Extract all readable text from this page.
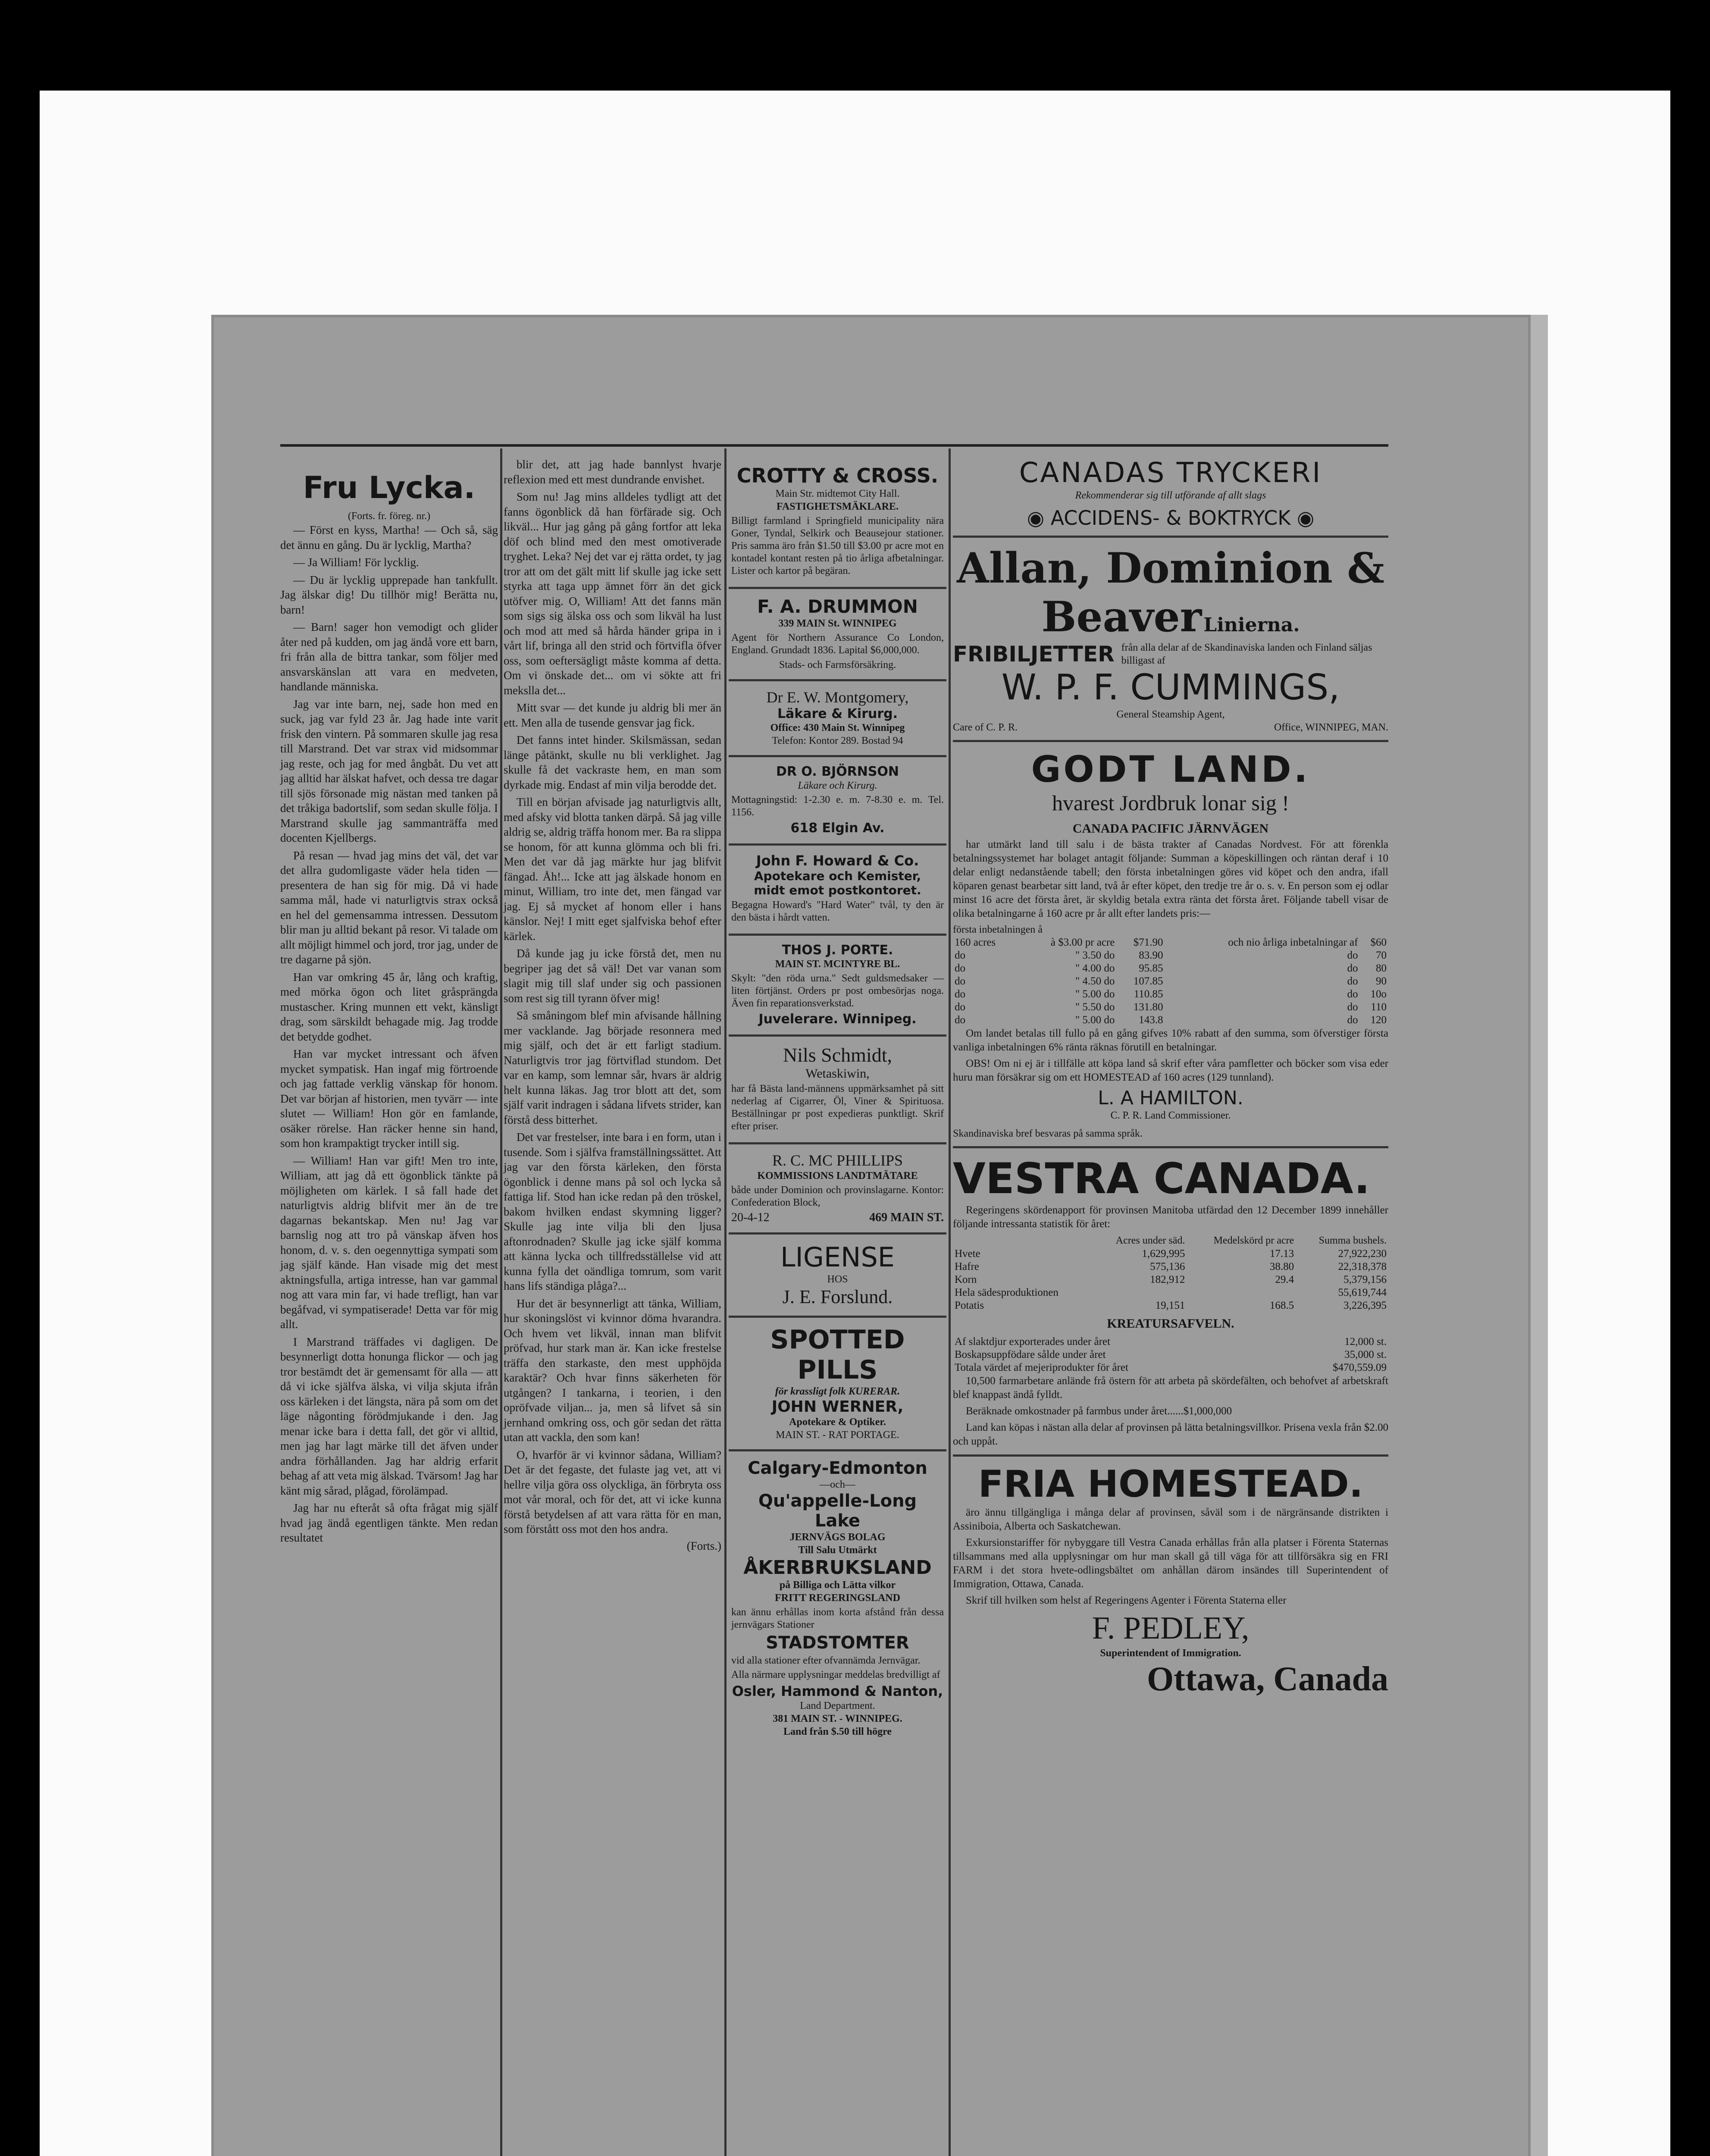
Fru Lycka.
(Forts. fr. föreg. nr.)

— Först en kyss, Martha! — Och så, säg det ännu en gång. Du är lycklig, Martha?

— Ja William! För lycklig.

— Du är lycklig upprepade han tankfullt. Jag älskar dig! Du tillhör mig! Berätta nu, barn!

— Barn! sager hon vemodigt och glider åter ned på kudden, om jag ändå vore ett barn, fri från alla de bittra tankar, som följer med ansvarskänslan att vara en medveten, handlande människa.

Jag var inte barn, nej, sade hon med en suck, jag var fyld 23 år. Jag hade inte varit frisk den vintern. På sommaren skulle jag resa till Marstrand. Det var strax vid midsommar jag reste, och jag for med ångbåt. Du vet att jag alltid har älskat hafvet, och dessa tre dagar till sjös försonade mig nästan med tanken på det tråkiga badortslif, som sedan skulle följa. I Marstrand skulle jag sammanträffa med docenten Kjellbergs.

På resan — hvad jag mins det väl, det var det allra gudomligaste väder hela tiden — presentera de han sig för mig. Då vi hade samma mål, hade vi naturligtvis strax också en hel del gemensamma intressen. Dessutom blir man ju alltid bekant på resor. Vi talade om allt möjligt himmel och jord, tror jag, under de tre dagarne på sjön.

Han var omkring 45 år, lång och kraftig, med mörka ögon och litet gråsprängda mustascher. Kring munnen ett vekt, känsligt drag, som särskildt behagade mig. Jag trodde det betydde godhet.

Han var mycket intressant och äfven mycket sympatisk. Han ingaf mig förtroende och jag fattade verklig vänskap för honom. Det var början af historien, men tyvärr — inte slutet — William! Hon gör en famlande, osäker rörelse. Han räcker henne sin hand, som hon krampaktigt trycker intill sig.

— William! Han var gift! Men tro inte, William, att jag då ett ögonblick tänkte på möjligheten om kärlek. I så fall hade det naturligtvis aldrig blifvit mer än de tre dagarnas bekantskap. Men nu! Jag var barnslig nog att tro på vänskap äfven hos honom, d. v. s. den oegennyttiga sympati som jag själf kände. Han visade mig det mest aktningsfulla, artiga intresse, han var gammal nog att vara min far, vi hade trefligt, han var begåfvad, vi sympatiserade! Detta var för mig allt.

I Marstrand träffades vi dagligen. De besynnerligt dotta honunga flickor — och jag tror bestämdt det är gemensamt för alla — att då vi icke själfva älska, vi vilja skjuta ifrån oss kärleken i det längsta, nära på som om det läge någonting förödmjukande i den. Jag menar icke bara i detta fall, det gör vi alltid, men jag har lagt märke till det äfven under andra förhållanden. Jag har aldrig erfarit behag af att veta mig älskad. Tvärsom! Jag har känt mig sårad, plågad, förolämpad.

Jag har nu efteråt så ofta frågat mig själf hvad jag ändå egentligen tänkte. Men redan resultatet

blir det, att jag hade bannlyst hvarje reflexion med ett mest dundrande envishet.

Som nu! Jag mins alldeles tydligt att det fanns ögonblick då han förfärade sig. Och likväl... Hur jag gång på gång fortfor att leka döf och blind med den mest omotiverade tryghet. Leka? Nej det var ej rätta ordet, ty jag tror att om det gält mitt lif skulle jag icke sett styrka att taga upp ämnet förr än det gick utöfver mig. O, William! Att det fanns män som sigs sig älska oss och som likväl ha lust och mod att med så hårda händer gripa in i vårt lif, bringa all den strid och förtvifla öfver oss, som oeftersägligt måste komma af detta. Om vi önskade det... om vi sökte att fri mekslla det...

Mitt svar — det kunde ju aldrig bli mer än ett. Men alla de tusende gensvar jag fick.

Det fanns intet hinder. Skilsmässan, sedan länge påtänkt, skulle nu bli verklighet. Jag skulle få det vackraste hem, en man som dyrkade mig. Endast af min vilja berodde det.

Till en början afvisade jag naturligtvis allt, med afsky vid blotta tanken därpå. Så jag ville aldrig se, aldrig träffa honom mer. Ba ra slippa se honom, för att kunna glömma och bli fri. Men det var då jag märkte hur jag blifvit fängad. Åh!... Icke att jag älskade honom en minut, William, tro inte det, men fängad var jag. Ej så mycket af honom eller i hans känslor. Nej! I mitt eget sjalfviska behof efter kärlek.

Då kunde jag ju icke förstå det, men nu begriper jag det så väl! Det var vanan som slagit mig till slaf under sig och passionen som rest sig till tyrann öfver mig!

Så småningom blef min afvisande hållning mer vacklande. Jag började resonnera med mig själf, och det är ett farligt stadium. Naturligtvis tror jag förtviflad stundom. Det var en kamp, som lemnar sår, hvars är aldrig helt kunna läkas. Jag tror blott att det, som själf varit indragen i sådana lifvets strider, kan förstå dess bitterhet.

Det var frestelser, inte bara i en form, utan i tusende. Som i själfva framställningssättet. Att jag var den första kärleken, den första ögonblick i denne mans på sol och lycka så fattiga lif. Stod han icke redan på den tröskel, bakom hvilken endast skymning ligger? Skulle jag inte vilja bli den ljusa aftonrodnaden? Skulle jag icke själf komma att känna lycka och tillfredsställelse vid att kunna fylla det oändliga tomrum, som varit hans lifs ständiga plåga?...

Hur det är besynnerligt att tänka, William, hur skoningslöst vi kvinnor döma hvarandra. Och hvem vet likväl, innan man blifvit pröfvad, hur stark man är. Kan icke frestelse träffa den starkaste, den mest upphöjda karaktär? Och hvar finns säkerheten för utgången? I tankarna, i teorien, i den opröfvade viljan... ja, men så lifvet så sin jernhand omkring oss, och gör sedan det rätta utan att vackla, den som kan!

O, hvarför är vi kvinnor sådana, William? Det är det fegaste, det fulaste jag vet, att vi hellre vilja göra oss olyckliga, än förbryta oss mot vår moral, och för det, att vi icke kunna förstå betydelsen af att vara rätta för en man, som förstått oss mot den hos andra.

(Forts.)
CROTTY & CROSS.
Main Str. midtemot City Hall.
FASTIGHETSMÄKLARE.

Billigt farmland i Springfield municipality nära Goner, Tyndal, Selkirk och Beausejour stationer. Pris samma äro från $1.50 till $3.00 pr acre mot en kontadel kontant resten på tio årliga afbetalningar. Lister och kartor på begäran.

F. A. DRUMMON
339 MAIN St. WINNIPEG

Agent för Northern Assurance Co London, England. Grundadt 1836. Lapital $6,000,000.

Stads- och Farmsförsäkring.
Dr E. W. Montgomery,
Läkare & Kirurg.
Office: 430 Main St. Winnipeg
Telefon: Kontor 289. Bostad 94
DR O. BJÖRNSON
Läkare och Kirurg.

Mottagningstid: 1-2.30 e. m. 7-8.30 e. m. Tel. 1156.

618 Elgin Av.
John F. Howard & Co.
Apotekare och Kemister,
midt emot postkontoret.

Begagna Howard's "Hard Water" tvål, ty den är den bästa i hårdt vatten.

THOS J. PORTE.
MAIN ST. MCINTYRE BL.

Skylt: "den röda urna." Sedt guldsmedsaker — liten förtjänst. Orders pr post ombesörjas noga. Även fin reparationsverkstad.

Juvelerare. Winnipeg.
Nils Schmidt,
Wetaskiwin,

har få Bästa land-männens uppmärksamhet på sitt nederlag af Cigarrer, Öl, Viner & Spirituosa. Beställningar pr post expedieras punktligt. Skrif efter priser.

R. C. MC PHILLIPS
KOMMISSIONS LANDTMÄTARE

både under Dominion och provinslagarne. Kontor: Confederation Block,

20-4-12	469 MAIN ST.
LIGENSE
HOS
J. E. Forslund.
SPOTTED PILLS
för krassligt folk KURERAR.
JOHN WERNER,
Apotekare & Optiker.
MAIN ST. - RAT PORTAGE.
Calgary-Edmonton
—och—
Qu'appelle-Long
Lake
JERNVÄGS BOLAG
Till Salu Utmärkt
ÅKERBRUKSLAND
på Billiga och Lätta vilkor
FRITT REGERINGSLAND

kan ännu erhållas inom korta afstånd från dessa jernvägars Stationer

STADSTOMTER

vid alla stationer efter ofvannämda Jernvägar.

Alla närmare upplysningar meddelas bredvilligt af

Osler, Hammond & Nanton,
Land Department.
381 MAIN ST. - WINNIPEG.
Land från $.50 till högre
CANADAS TRYCKERI
Rekommenderar sig till utförande af allt slags
◉ ACCIDENS- & BOKTRYCK ◉
Allan, Dominion &
Beaver Linierna.
FRIBILJETTER från alla delar af de Skandinaviska landen och Finland säljas billigast af
W. P. F. CUMMINGS,
General Steamship Agent,
Care of C. P. R.	Office, WINNIPEG, MAN.
GODT LAND.
hvarest Jordbruk lonar sig !
CANADA PACIFIC JÄRNVÄGEN

har utmärkt land till salu i de bästa trakter af Canadas Nordvest. För att förenkla betalningssystemet har bolaget antagit följande: Summan a köpeskillingen och räntan deraf i 10 delar enligt nedanstående tabell; den första inbetalningen göres vid köpet och den andra, ifall köparen genast bearbetar sitt land, två år efter köpet, den tredje tre år o. s. v. En person som ej odlar minst 16 acre det första året, är skyldig betala extra ränta det första året. Följande tabell visar de olika betalningarne å 160 acre pr år allt efter landets pris:—

första inbetalningen å
160 acres	à $3.00 pr acre	$71.90	och nio årliga inbetalningar af	$60
do	" 3.50 do	83.90	do	70
do	" 4.00 do	95.85	do	80
do	" 4.50 do	107.85	do	90
do	" 5.00 do	110.85	do	10o
do	" 5.50 do	131.80	do	110
do	" 5.00 do	143.8	do	120

Om landet betalas till fullo på en gång gifves 10% rabatt af den summa, som öfverstiger första vanliga inbetalningen 6% ränta räknas förutill en betalningar.

OBS! Om ni ej är i tillfälle att köpa land så skrif efter våra pamfletter och böcker som visa eder huru man försäkrar sig om ett HOMESTEAD af 160 acres (129 tunnland).

L. A HAMILTON.
C. P. R. Land Commissioner.
Skandinaviska bref besvaras på samma språk.
VESTRA CANADA.

Regeringens skördenapport för provinsen Manitoba utfärdad den 12 December 1899 innehåller följande intressanta statistik för året:

	Acres under säd.	Medelskörd pr acre	Summa bushels.
Hvete	1,629,995	17.13	27,922,230
Hafre	575,136	38.80	22,318,378
Korn	182,912	29.4	5,379,156
Hela sädesproduktionen			55,619,744
Potatis	19,151	168.5	3,226,395
KREATURSAFVELN.
Af slaktdjur exporterades under året	12,000 st.
Boskapsuppfödare sålde under året	35,000 st.
Totala värdet af mejeriprodukter för året	$470,559.09

10,500 farmarbetare anlände frå östern för att arbeta på skördefälten, och behofvet af arbetskraft blef knappast ändå fylldt.

Beräknade omkostnader på farmbus under året......$1,000,000

Land kan köpas i nästan alla delar af provinsen på lätta betalningsvillkor. Prisena vexla från $2.00 och uppåt.

FRIA HOMESTEAD.

äro ännu tillgängliga i många delar af provinsen, såväl som i de närgränsande distrikten i Assiniboia, Alberta och Saskatchewan.

Exkursionstariffer för nybyggare till Vestra Canada erhållas från alla platser i Förenta Staternas tillsammans med alla upplysningar om hur man skall gå till väga för att tillförsäkra sig en FRI FARM i det stora hvete-odlingsbältet om anhållan därom insändes till Superintendent of Immigration, Ottawa, Canada.

Skrif till hvilken som helst af Regeringens Agenter i Förenta Staterna eller

F. PEDLEY,
Superintendent of Immigration.
Ottawa, Canada
